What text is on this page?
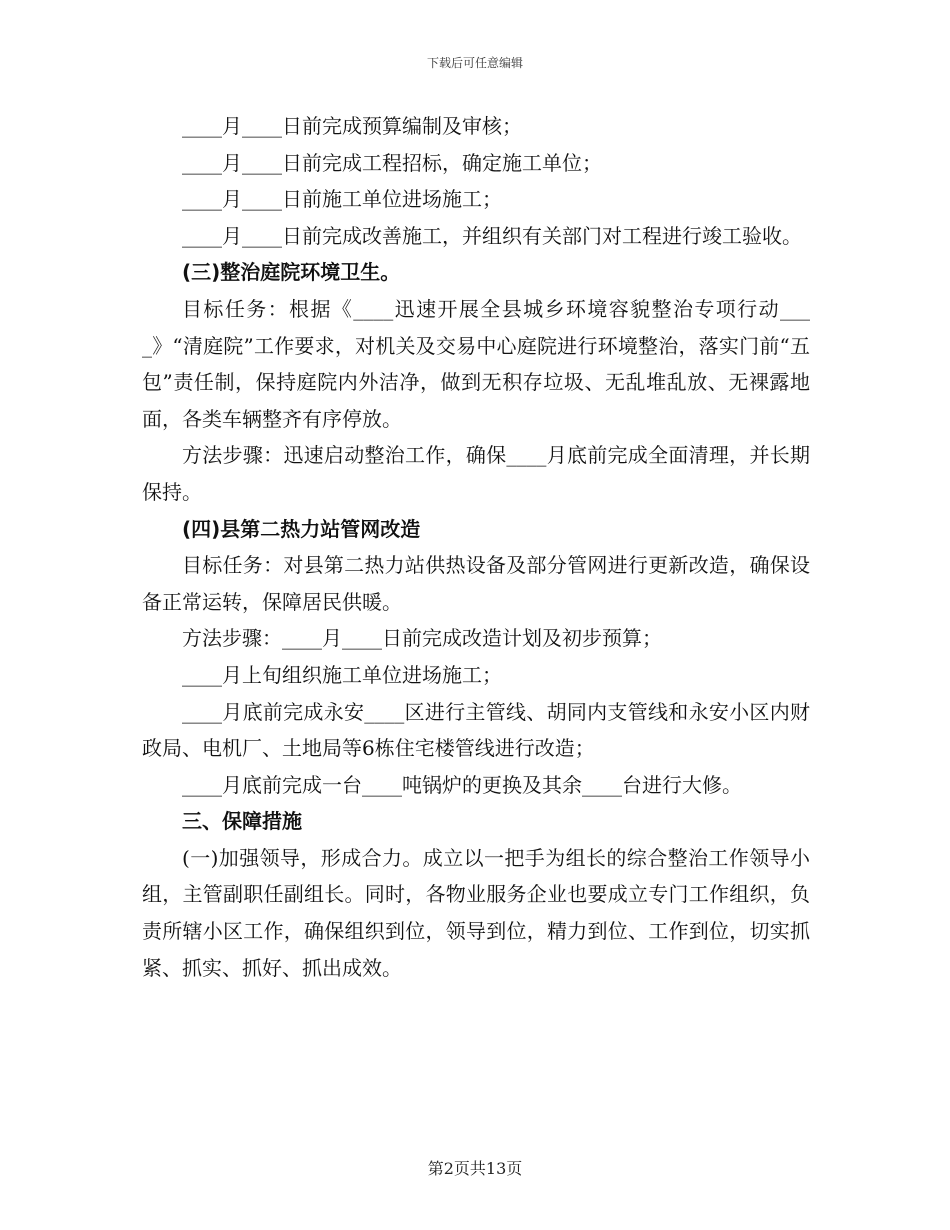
下载后可任意编辑

____月____日前完成预算编制及审核；

____月____日前完成工程招标，确定施工单位；

____月____日前施工单位进场施工；

____月____日前完成改善施工，并组织有关部门对工程进行竣工验收。

(三)整治庭院环境卫生。

目标任务：根据《____迅速开展全县城乡环境容貌整治专项行动____》“清庭院”工作要求，对机关及交易中心庭院进行环境整治，落实门前“五包”责任制，保持庭院内外洁净，做到无积存垃圾、无乱堆乱放、无裸露地面，各类车辆整齐有序停放。

方法步骤：迅速启动整治工作，确保____月底前完成全面清理，并长期保持。

(四)县第二热力站管网改造

目标任务：对县第二热力站供热设备及部分管网进行更新改造，确保设备正常运转，保障居民供暖。

方法步骤：____月____日前完成改造计划及初步预算；

____月上旬组织施工单位进场施工；

____月底前完成永安____区进行主管线、胡同内支管线和永安小区内财政局、电机厂、土地局等6栋住宅楼管线进行改造；

____月底前完成一台____吨锅炉的更换及其余____台进行大修。

三、保障措施

(一)加强领导，形成合力。成立以一把手为组长的综合整治工作领导小组，主管副职任副组长。同时，各物业服务企业也要成立专门工作组织，负责所辖小区工作，确保组织到位，领导到位，精力到位、工作到位，切实抓紧、抓实、抓好、抓出成效。

第2页共13页
